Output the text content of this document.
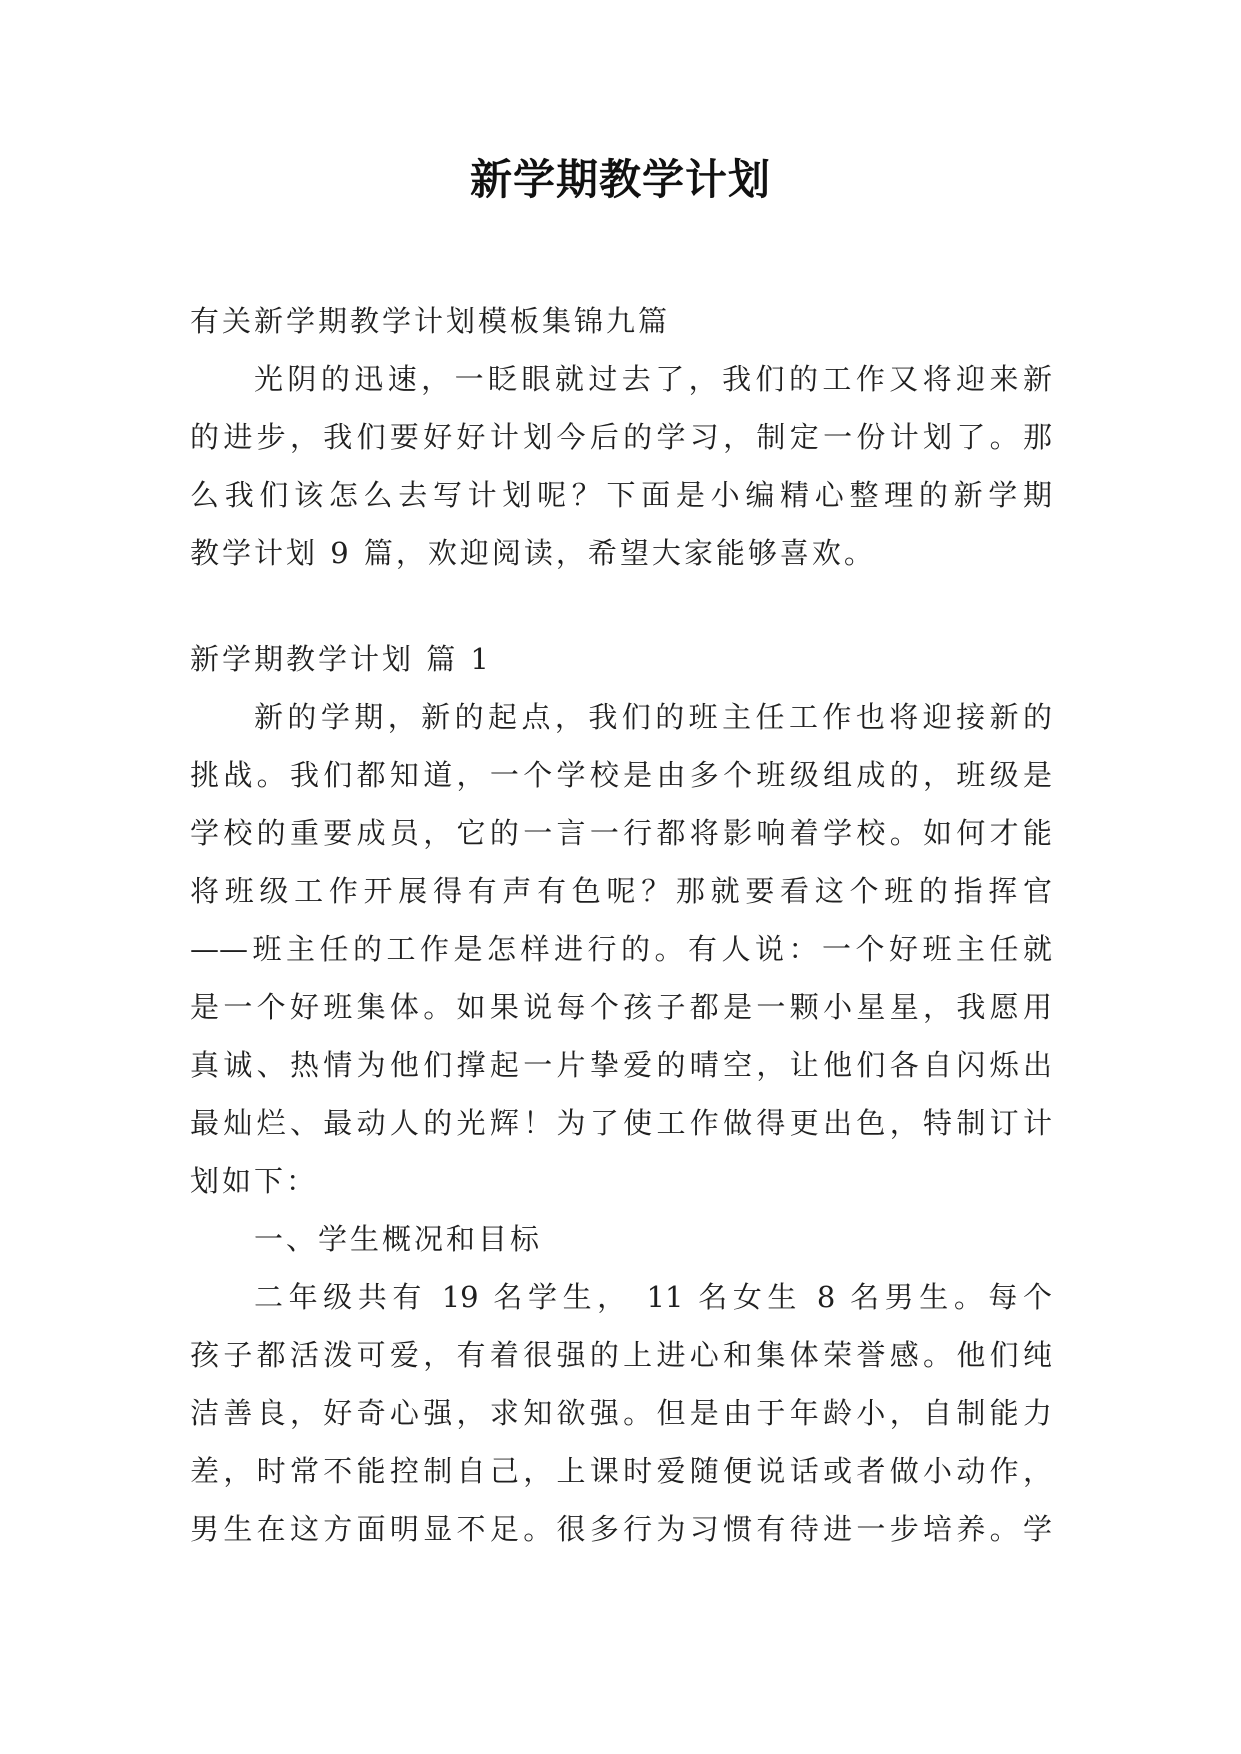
新学期教学计划
有关新学期教学计划模板集锦九篇
光阴的迅速，一眨眼就过去了，我们的工作又将迎来新
的进步，我们要好好计划今后的学习，制定一份计划了。那
么我们该怎么去写计划呢？下面是小编精心整理的新学期
教学计划 9 篇，欢迎阅读，希望大家能够喜欢。
新学期教学计划 篇 1
新的学期，新的起点，我们的班主任工作也将迎接新的
挑战。我们都知道，一个学校是由多个班级组成的，班级是
学校的重要成员，它的一言一行都将影响着学校。如何才能
将班级工作开展得有声有色呢？那就要看这个班的指挥官
——班主任的工作是怎样进行的。有人说：一个好班主任就
是一个好班集体。如果说每个孩子都是一颗小星星，我愿用
真诚、热情为他们撑起一片挚爱的晴空，让他们各自闪烁出
最灿烂、最动人的光辉！为了使工作做得更出色，特制订计
划如下：
一、学生概况和目标
二年级共有 19 名学生， 11 名女生 8 名男生。每个
孩子都活泼可爱，有着很强的上进心和集体荣誉感。他们纯
洁善良，好奇心强，求知欲强。但是由于年龄小，自制能力
差，时常不能控制自己，上课时爱随便说话或者做小动作，
男生在这方面明显不足。很多行为习惯有待进一步培养。学
